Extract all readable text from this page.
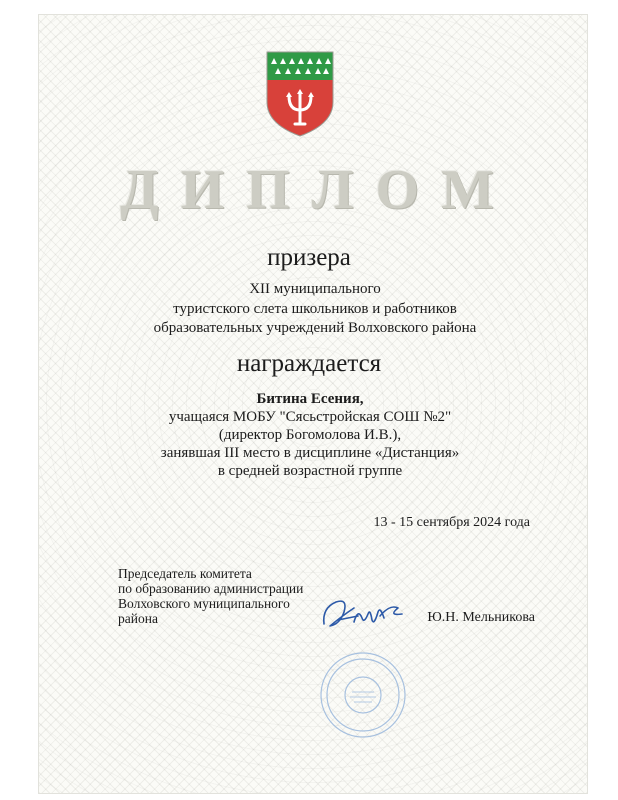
ДИПЛОМ
призера
XII муниципального
туристского слета школьников и работников
образовательных учреждений Волховского района
награждается
Битина Есения,
учащаяся МОБУ "Сясьстройская СОШ №2"
(директор Богомолова И.В.),
занявшая III место в дисциплине «Дистанция»
в средней возрастной группе
13 - 15 сентября 2024 года
Председатель комитета
по образованию администрации
Волховского муниципального
района	Ю.Н. Мельникова
